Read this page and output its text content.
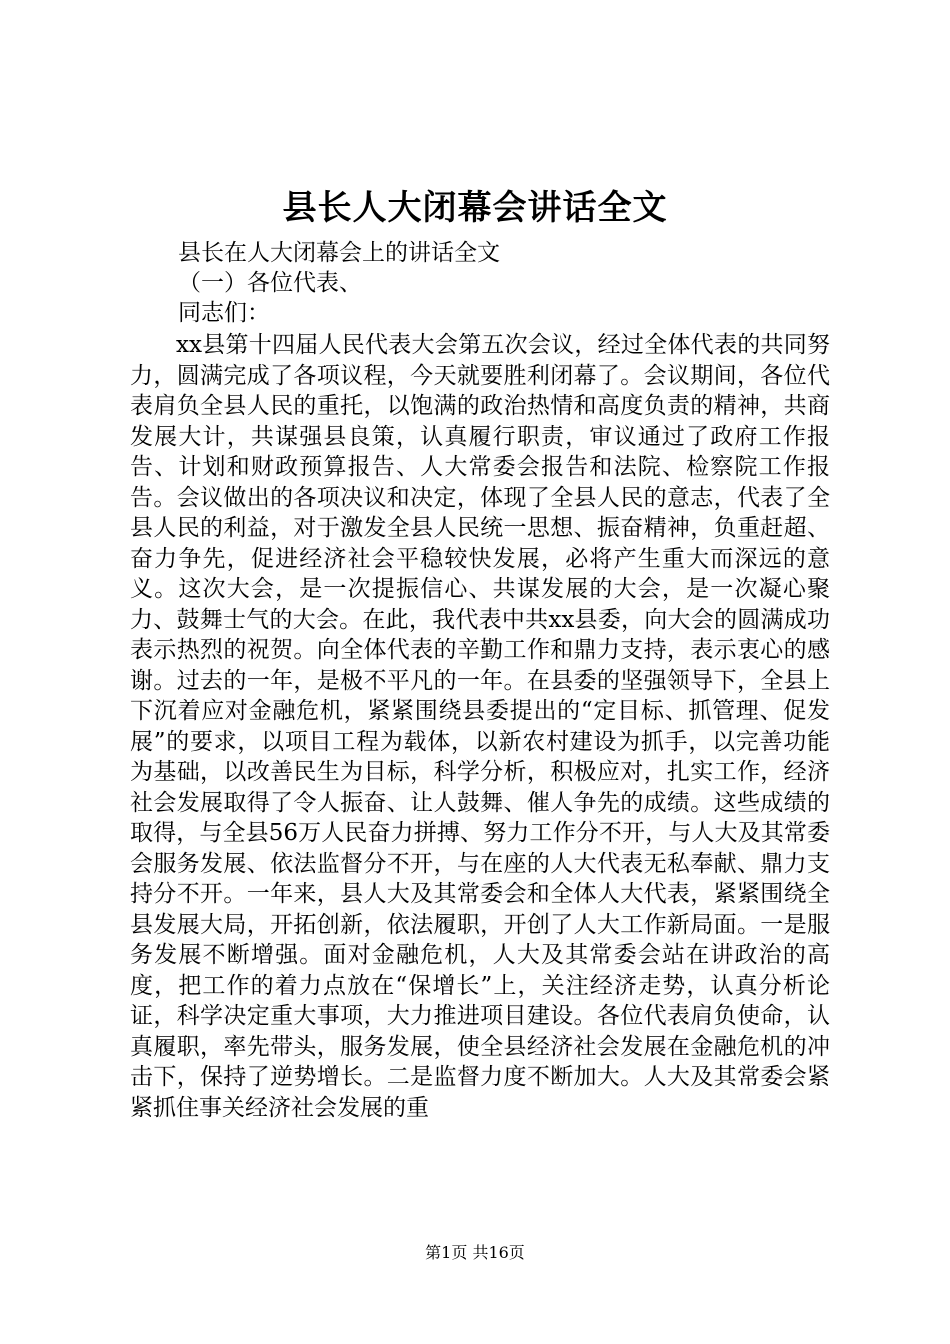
县长人大闭幕会讲话全文
县长在人大闭幕会上的讲话全文
（一）各位代表、
同志们：

xx县第十四届人民代表大会第五次会议，经过全体代表的共同努力，圆满完成了各项议程，今天就要胜利闭幕了。会议期间，各位代表肩负全县人民的重托，以饱满的政治热情和高度负责的精神，共商发展大计，共谋强县良策，认真履行职责，审议通过了政府工作报告、计划和财政预算报告、人大常委会报告和法院、检察院工作报告。会议做出的各项决议和决定，体现了全县人民的意志，代表了全县人民的利益，对于激发全县人民统一思想、振奋精神，负重赶超、奋力争先，促进经济社会平稳较快发展，必将产生重大而深远的意义。这次大会，是一次提振信心、共谋发展的大会，是一次凝心聚力、鼓舞士气的大会。在此，我代表中共xx县委，向大会的圆满成功表示热烈的祝贺。向全体代表的辛勤工作和鼎力支持，表示衷心的感谢。过去的一年，是极不平凡的一年。在县委的坚强领导下，全县上下沉着应对金融危机，紧紧围绕县委提出的“定目标、抓管理、促发展”的要求，以项目工程为载体，以新农村建设为抓手，以完善功能为基础，以改善民生为目标，科学分析，积极应对，扎实工作，经济社会发展取得了令人振奋、让人鼓舞、催人争先的成绩。这些成绩的取得，与全县56万人民奋力拼搏、努力工作分不开，与人大及其常委会服务发展、依法监督分不开，与在座的人大代表无私奉献、鼎力支持分不开。一年来，县人大及其常委会和全体人大代表，紧紧围绕全县发展大局，开拓创新，依法履职，开创了人大工作新局面。一是服务发展不断增强。面对金融危机，人大及其常委会站在讲政治的高度，把工作的着力点放在“保增长”上，关注经济走势，认真分析论证，科学决定重大事项，大力推进项目建设。各位代表肩负使命，认真履职，率先带头，服务发展，使全县经济社会发展在金融危机的冲击下，保持了逆势增长。二是监督力度不断加大。人大及其常委会紧紧抓住事关经济社会发展的重

第1页 共16页
